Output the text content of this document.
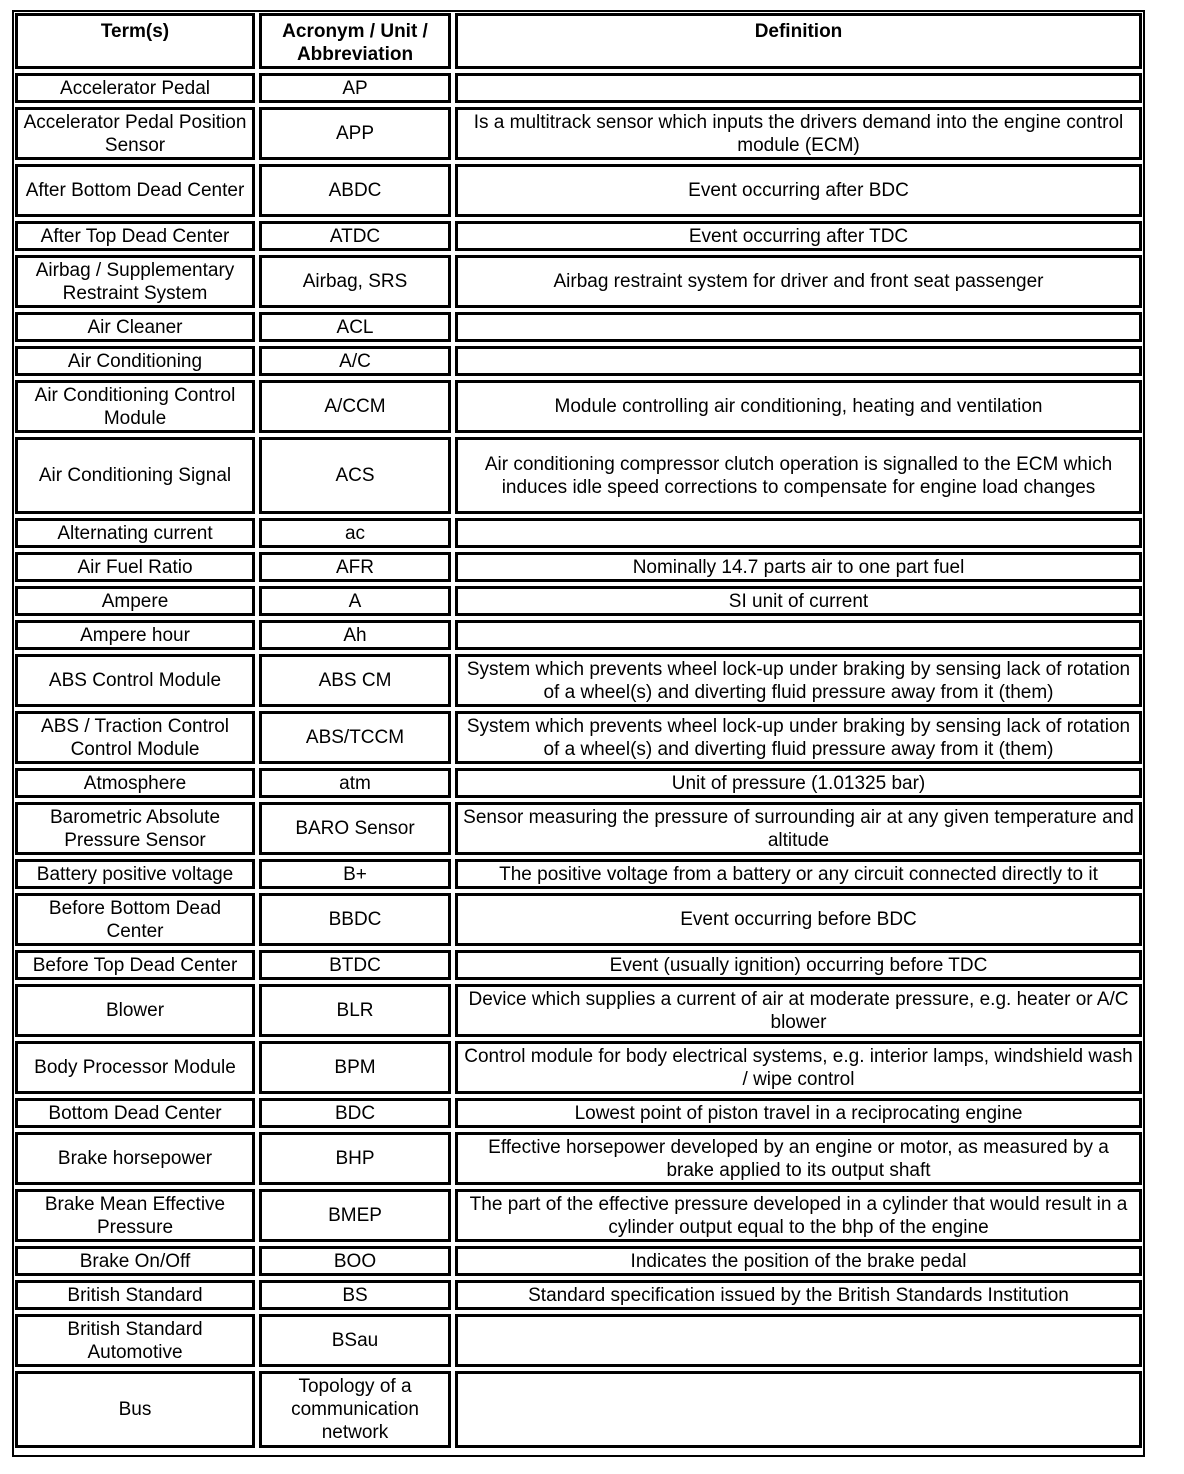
Term(s)		Acronym / Unit / Abbreviation		Definition

Accelerator Pedal		AP		

Accelerator Pedal Position Sensor		APP		Is a multitrack sensor which inputs the drivers demand into the engine control module (ECM)

After Bottom Dead Center		ABDC		Event occurring after BDC

After Top Dead Center		ATDC		Event occurring after TDC

Airbag / Supplementary Restraint System		Airbag, SRS		Airbag restraint system for driver and front seat passenger

Air Cleaner		ACL		

Air Conditioning		A/C		

Air Conditioning Control Module		A/CCM		Module controlling air conditioning, heating and ventilation

Air Conditioning Signal		ACS		Air conditioning compressor clutch operation is signalled to the ECM which induces idle speed corrections to compensate for engine load changes

Alternating current		ac		

Air Fuel Ratio		AFR		Nominally 14.7 parts air to one part fuel

Ampere		A		SI unit of current

Ampere hour		Ah		

ABS Control Module		ABS CM		System which prevents wheel lock-up under braking by sensing lack of rotation of a wheel(s) and diverting fluid pressure away from it (them)

ABS / Traction Control Control Module		ABS/TCCM		System which prevents wheel lock-up under braking by sensing lack of rotation of a wheel(s) and diverting fluid pressure away from it (them)

Atmosphere		atm		Unit of pressure (1.01325 bar)

Barometric Absolute Pressure Sensor		BARO Sensor		Sensor measuring the pressure of surrounding air at any given temperature and altitude

Battery positive voltage		B+		The positive voltage from a battery or any circuit connected directly to it

Before Bottom Dead Center		BBDC		Event occurring before BDC

Before Top Dead Center		BTDC		Event (usually ignition) occurring before TDC

Blower		BLR		Device which supplies a current of air at moderate pressure, e.g. heater or A/C blower

Body Processor Module		BPM		Control module for body electrical systems, e.g. interior lamps, windshield wash / wipe control

Bottom Dead Center		BDC		Lowest point of piston travel in a reciprocating engine

Brake horsepower		BHP		Effective horsepower developed by an engine or motor, as measured by a brake applied to its output shaft

Brake Mean Effective Pressure		BMEP		The part of the effective pressure developed in a cylinder that would result in a cylinder output equal to the bhp of the engine

Brake On/Off		BOO		Indicates the position of the brake pedal

British Standard		BS		Standard specification issued by the British Standards Institution

British Standard Automotive		BSau		

Bus		Topology of a communication network		
